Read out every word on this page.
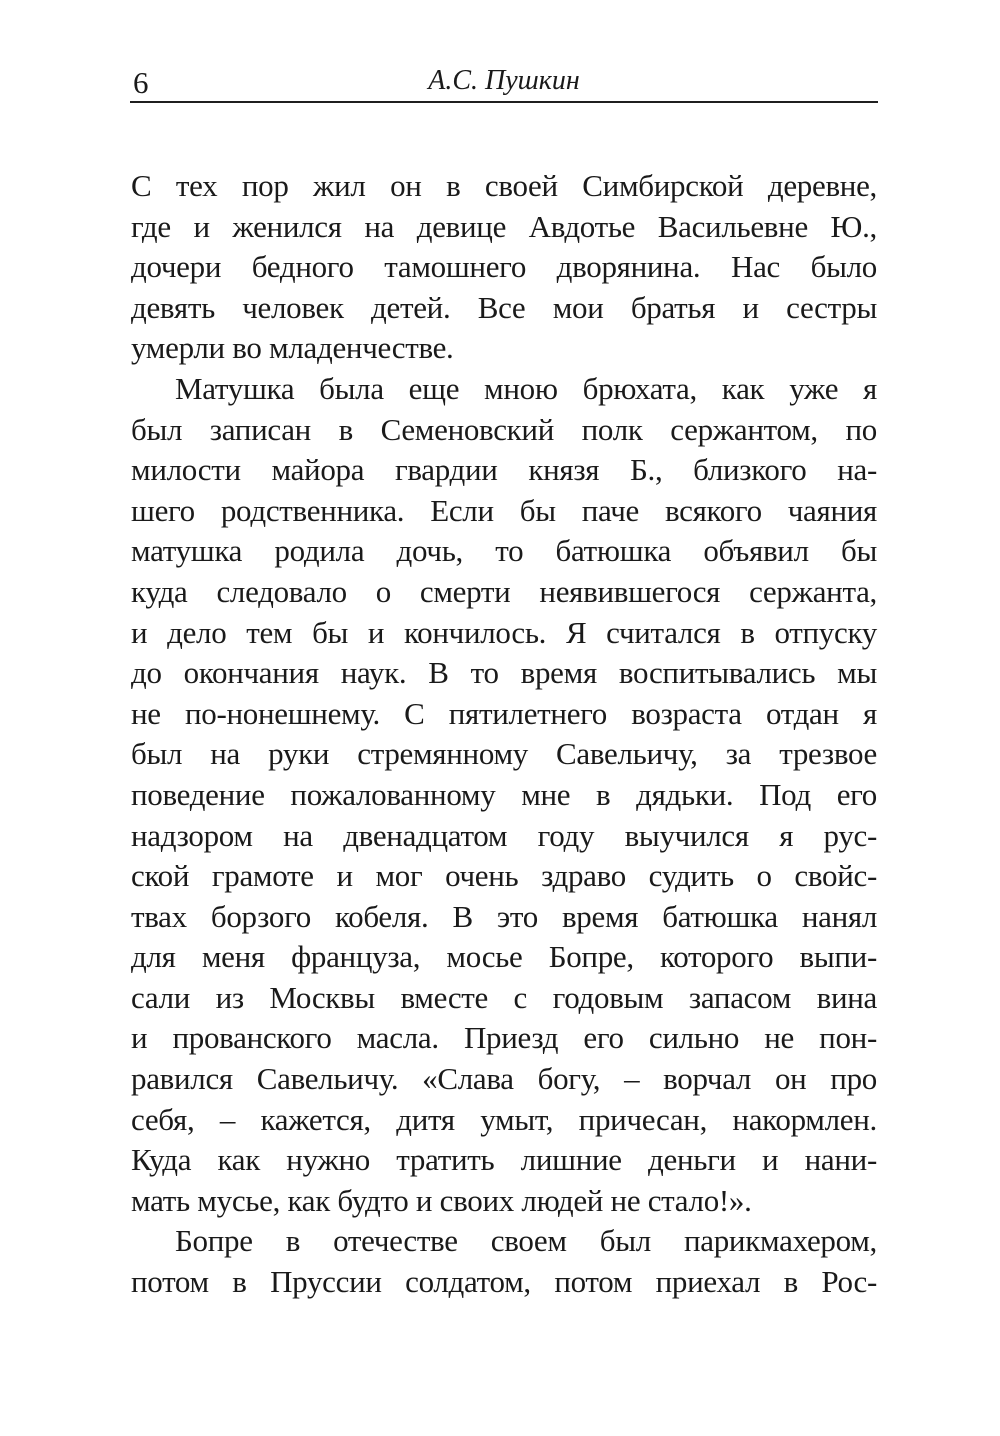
6	А.С. Пушкин
С тех пор жил он в своей Симбирской деревне,
где и женился на девице Авдотье Васильевне Ю.,
дочери бедного тамошнего дворянина. Нас было
девять человек детей. Все мои братья и сестры
умерли во младенчестве.
Матушка была еще мною брюхата, как уже я
был записан в Семеновский полк сержантом, по
милости майора гвардии князя Б., близкого на-
шего родственника. Если бы паче всякого чаяния
матушка родила дочь, то батюшка объявил бы
куда следовало о смерти неявившегося сержанта,
и дело тем бы и кончилось. Я считался в отпуску
до окончания наук. В то время воспитывались мы
не по-нонешнему. С пятилетнего возраста отдан я
был на руки стремянному Савельичу, за трезвое
поведение пожалованному мне в дядьки. Под его
надзором на двенадцатом году выучился я рус-
ской грамоте и мог очень здраво судить о свойс-
твах борзого кобеля. В это время батюшка нанял
для меня француза, мосье Бопре, которого выпи-
сали из Москвы вместе с годовым запасом вина
и прованского масла. Приезд его сильно не пон-
равился Савельичу. «Слава богу, – ворчал он про
себя, – кажется, дитя умыт, причесан, накормлен.
Куда как нужно тратить лишние деньги и нани-
мать мусье, как будто и своих людей не стало!».
Бопре в отечестве своем был парикмахером,
потом в Пруссии солдатом, потом приехал в Рос-
